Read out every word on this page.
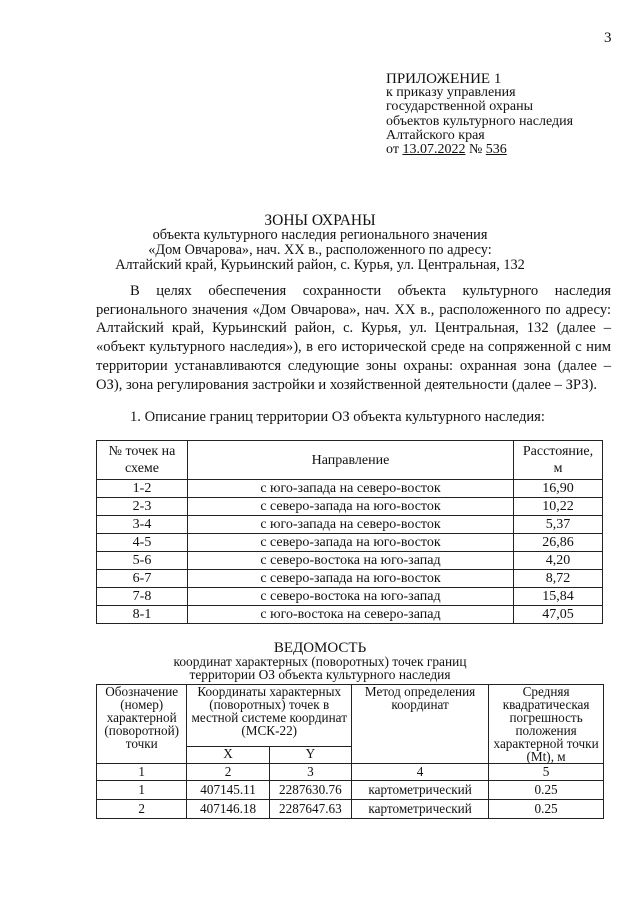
3
ПРИЛОЖЕНИЕ 1
к приказу управления
государственной охраны
объектов культурного наследия
Алтайского края
от 13.07.2022 № 536
ЗОНЫ ОХРАНЫ
объекта культурного наследия регионального значения
«Дом Овчарова», нач. XX в., расположенного по адресу:
Алтайский край, Курьинский район, с. Курья, ул. Центральная, 132
В целях обеспечения сохранности объекта культурного наследия регионального значения «Дом Овчарова», нач. XX в., расположенного по адресу: Алтайский край, Курьинский район, с. Курья, ул. Центральная, 132 (далее – «объект культурного наследия»), в его исторической среде на сопряженной с ним территории устанавливаются следующие зоны охраны: охранная зона (далее – ОЗ), зона регулирования застройки и хозяйственной деятельности (далее – ЗРЗ).
1. Описание границ территории ОЗ объекта культурного наследия:
№ точек на схеме	Направление	Расстояние, м
1-2	с юго-запада на северо-восток	16,90
2-3	с северо-запада на юго-восток	10,22
3-4	с юго-запада на северо-восток	5,37
4-5	с северо-запада на юго-восток	26,86
5-6	с северо-востока на юго-запад	4,20
6-7	с северо-запада на юго-восток	8,72
7-8	с северо-востока на юго-запад	15,84
8-1	с юго-востока на северо-запад	47,05
ВЕДОМОСТЬ
координат характерных (поворотных) точек границ
территории ОЗ объекта культурного наследия
Обозначение (номер) характерной (поворотной) точки	Координаты характерных (поворотных) точек в местной системе координат (МСК-22)		Метод определения координат	Средняя квадратическая погрешность положения характерной точки (Mt), м
	X	Y		
1	2	3	4	5
1	407145.11	2287630.76	картометрический	0.25
2	407146.18	2287647.63	картометрический	0.25
